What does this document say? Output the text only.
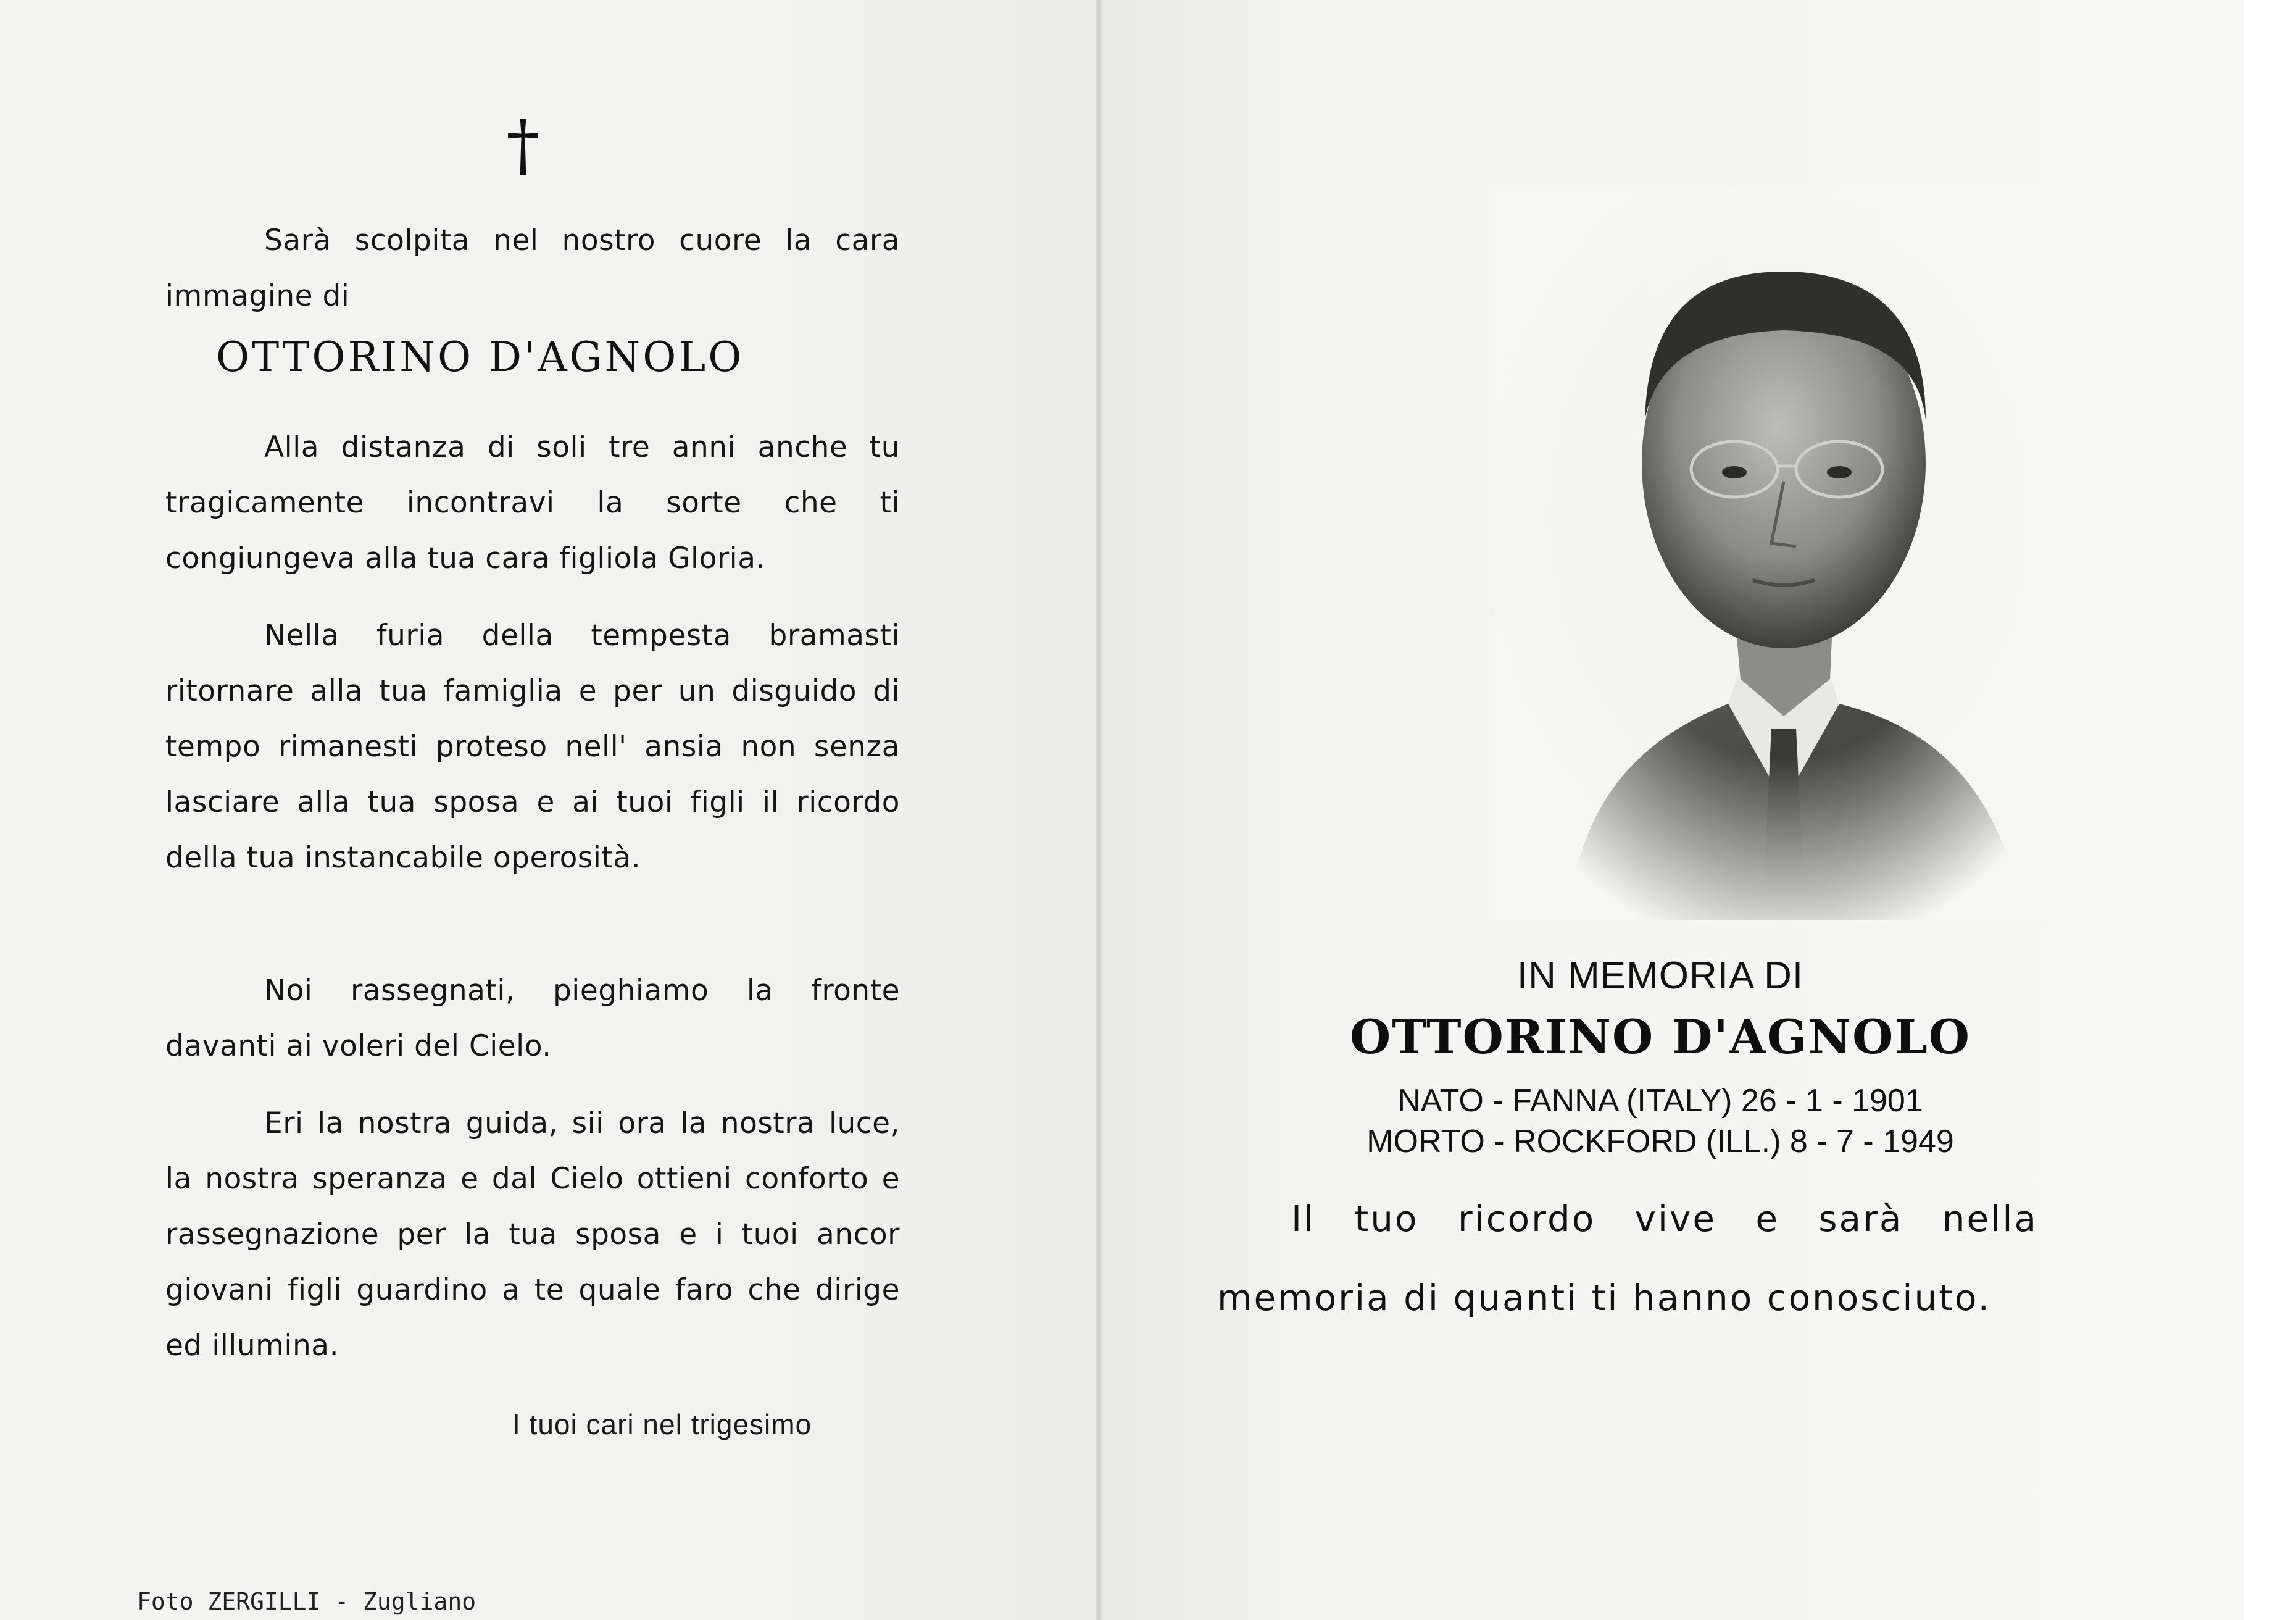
†
Sarà scolpita nel nostro cuore la cara immagine di
OTTORINO D'AGNOLO
Alla distanza di soli tre anni anche tu tragicamente incontravi la sorte che ti congiungeva alla tua cara figliola Gloria.
Nella furia della tempesta bramasti ritornare alla tua famiglia e per un disguido di tempo rimanesti proteso nell' ansia non senza lasciare alla tua sposa e ai tuoi figli il ricordo della tua instancabile operosità.
Noi rassegnati, pieghiamo la fronte davanti ai voleri del Cielo.
Eri la nostra guida, sii ora la nostra luce, la nostra speranza e dal Cielo ottieni conforto e rassegnazione per la tua sposa e i tuoi ancor giovani figli guardino a te quale faro che dirige ed illumina.
I tuoi cari nel trigesimo
Foto ZERGILLI - Zugliano
IN MEMORIA DI
OTTORINO D'AGNOLO
NATO - FANNA (ITALY) 26 - 1 - 1901
MORTO - ROCKFORD (ILL.) 8 - 7 - 1949
Il tuo ricordo vive e sarà nella memoria di quanti ti hanno conosciuto.
